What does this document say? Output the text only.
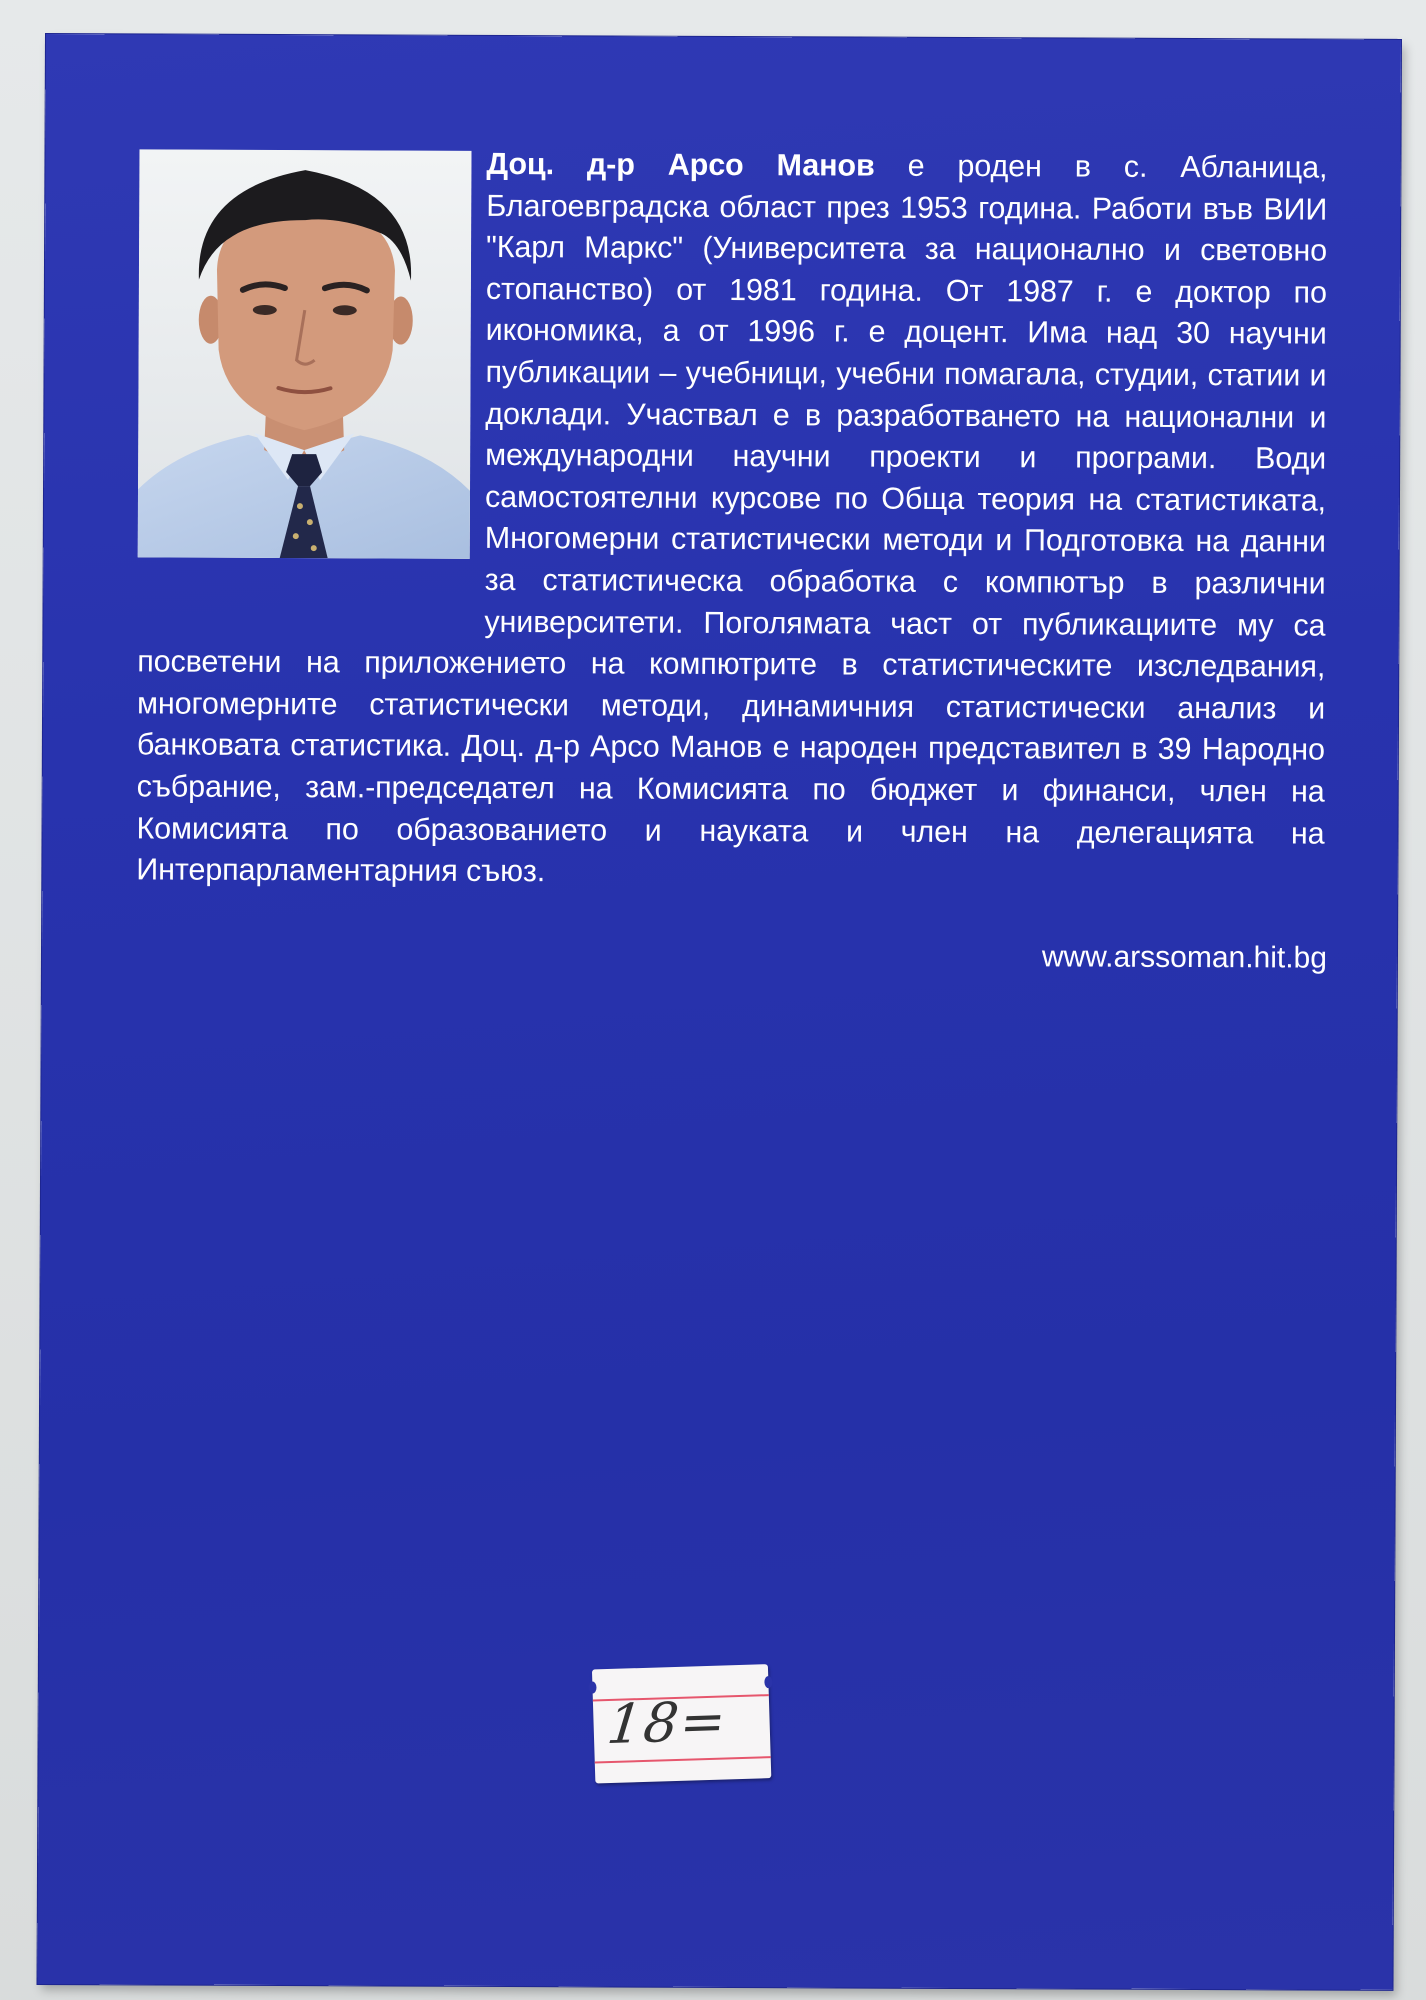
Доц. д-р Арсо Манов е роден в с. Абланица, Благоевградска област през 1953 година. Работи във ВИИ "Карл Маркс" (Университета за национално и световно стопанство) от 1981 година. От 1987 г. е доктор по икономика, а от 1996 г. е доцент. Има над 30 научни публикации – учебници, учебни помагала, студии, статии и доклади. Участвал е в разработването на национални и международни научни проекти и програми. Води самостоятелни курсове по Обща теория на статистиката, Многомерни статистически методи и Подготовка на данни за статистическа обработка с компютър в различни университети. Поголямата част от публикациите му са посветени на приложението на компютрите в статистическите изследвания, многомерните статистически методи, динамичния статистически анализ и банковата статистика. Доц. д-р Арсо Манов е народен представител в 39 Народно събрание, зам.-председател на Комисията по бюджет и финанси, член на Комисията по образованието и науката и член на делегацията на Интерпарламентарния съюз.
www.arssoman.hit.bg
18=
